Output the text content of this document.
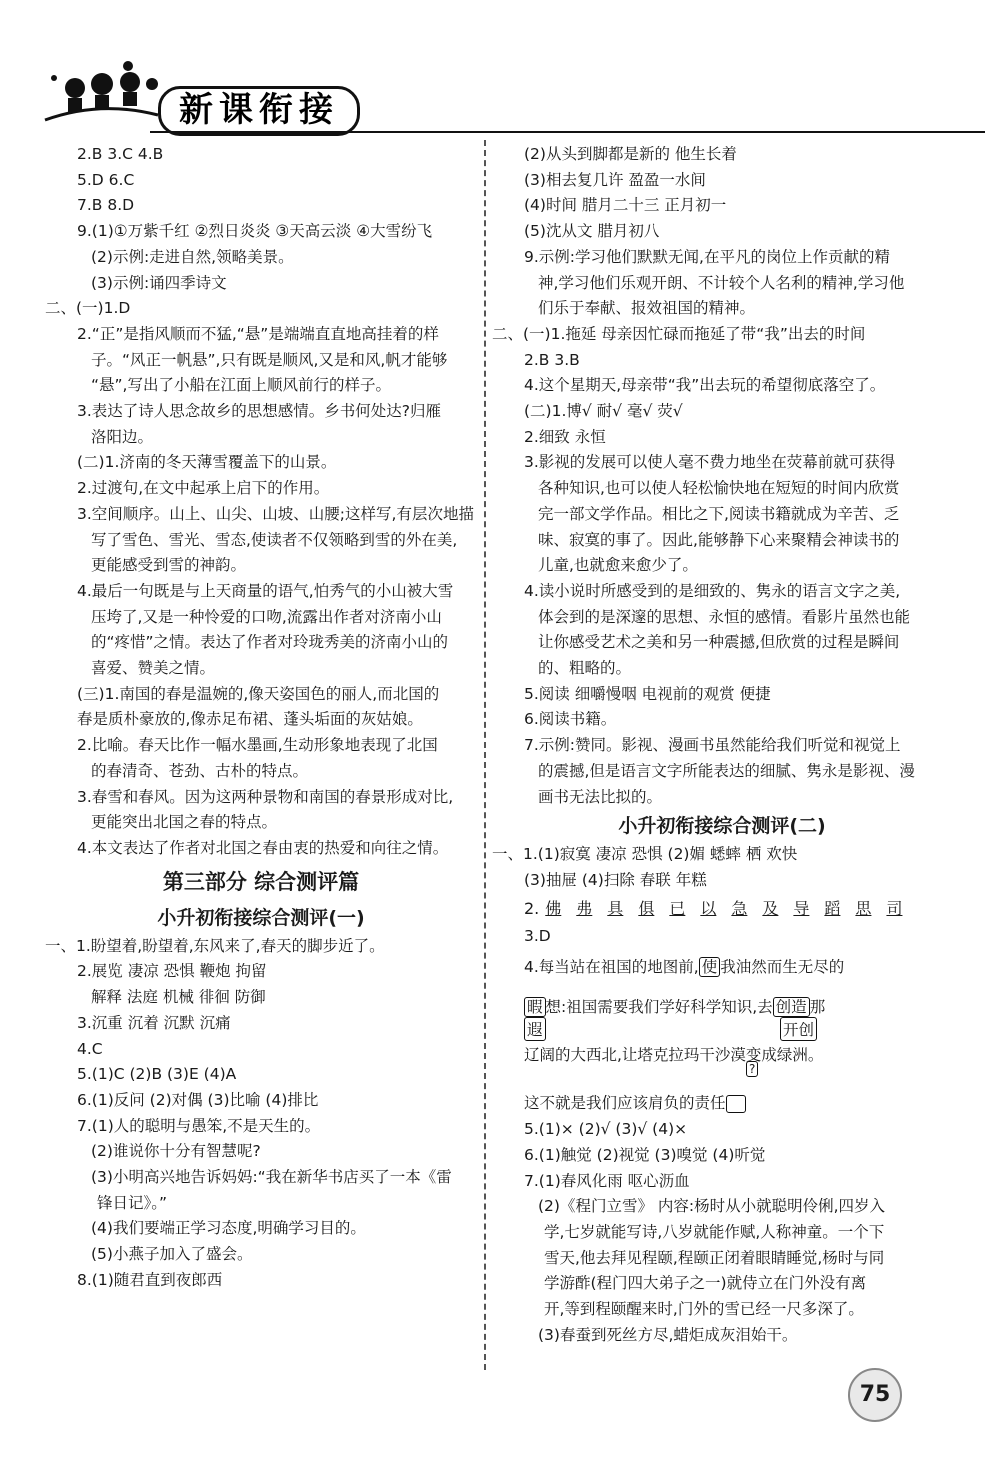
新课衔接
2.B 3.C 4.B
5.D 6.C
7.B 8.D
9.(1)①万紫千红 ②烈日炎炎 ③天高云淡 ④大雪纷飞
(2)示例:走进自然,领略美景。
(3)示例:诵四季诗文
二、(一)1.D
2.“正”是指风顺而不猛,“悬”是端端直直地高挂着的样
子。“风正一帆悬”,只有既是顺风,又是和风,帆才能够
“悬”,写出了小船在江面上顺风前行的样子。
3.表达了诗人思念故乡的思想感情。乡书何处达?归雁
洛阳边。
(二)1.济南的冬天薄雪覆盖下的山景。
2.过渡句,在文中起承上启下的作用。
3.空间顺序。山上、山尖、山坡、山腰;这样写,有层次地描
写了雪色、雪光、雪态,使读者不仅领略到雪的外在美,
更能感受到雪的神韵。
4.最后一句既是与上天商量的语气,怕秀气的小山被大雪
压垮了,又是一种怜爱的口吻,流露出作者对济南小山
的“疼惜”之情。表达了作者对玲珑秀美的济南小山的
喜爱、赞美之情。
(三)1.南国的春是温婉的,像天姿国色的丽人,而北国的
春是质朴豪放的,像赤足布裙、蓬头垢面的灰姑娘。
2.比喻。春天比作一幅水墨画,生动形象地表现了北国
的春清奇、苍劲、古朴的特点。
3.春雪和春风。因为这两种景物和南国的春景形成对比,
更能突出北国之春的特点。
4.本文表达了作者对北国之春由衷的热爱和向往之情。
第三部分 综合测评篇
小升初衔接综合测评(一)
一、1.盼望着,盼望着,东风来了,春天的脚步近了。
2.展览 凄凉 恐惧 鞭炮 拘留
解释 法庭 机械 徘徊 防御
3.沉重 沉着 沉默 沉痛
4.C
5.(1)C (2)B (3)E (4)A
6.(1)反问 (2)对偶 (3)比喻 (4)排比
7.(1)人的聪明与愚笨,不是天生的。
(2)谁说你十分有智慧呢?
(3)小明高兴地告诉妈妈:“我在新华书店买了一本《雷
锋日记》。”
(4)我们要端正学习态度,明确学习目的。
(5)小燕子加入了盛会。
8.(1)随君直到夜郎西
(2)从头到脚都是新的 他生长着
(3)相去复几许 盈盈一水间
(4)时间 腊月二十三 正月初一
(5)沈从文 腊月初八
9.示例:学习他们默默无闻,在平凡的岗位上作贡献的精
神,学习他们乐观开朗、不计较个人名利的精神,学习他
们乐于奉献、报效祖国的精神。
二、(一)1.拖延 母亲因忙碌而拖延了带“我”出去的时间
2.B 3.B
4.这个星期天,母亲带“我”出去玩的希望彻底落空了。
(二)1.博√ 耐√ 毫√ 荧√
2.细致 永恒
3.影视的发展可以使人毫不费力地坐在荧幕前就可获得
各种知识,也可以使人轻松愉快地在短短的时间内欣赏
完一部文学作品。相比之下,阅读书籍就成为辛苦、乏
味、寂寞的事了。因此,能够静下心来聚精会神读书的
儿童,也就愈来愈少了。
4.读小说时所感受到的是细致的、隽永的语言文字之美,
体会到的是深邃的思想、永恒的感情。看影片虽然也能
让你感受艺术之美和另一种震撼,但欣赏的过程是瞬间
的、粗略的。
5.阅读 细嚼慢咽 电视前的观赏 便捷
6.阅读书籍。
7.示例:赞同。影视、漫画书虽然能给我们听觉和视觉上
的震撼,但是语言文字所能表达的细腻、隽永是影视、漫
画书无法比拟的。
小升初衔接综合测评(二)
一、1.(1)寂寞 凄凉 恐惧 (2)媚 蟋蟀 栖 欢快
(3)抽屉 (4)扫除 春联 年糕
2. 佛 弗 具 俱 已 以 急 及 导 蹈 思 司
3.D
4.每当站在祖国的地图前, 使 我油然而生无尽的
暇 想:祖国需要我们学好科学知识,去 创造 那
遐	开创
辽阔的大西北,让塔克拉玛干沙漠变成绿洲。
?
这不就是我们应该肩负的责任
5.(1)× (2)√ (3)√ (4)×
6.(1)触觉 (2)视觉 (3)嗅觉 (4)听觉
7.(1)春风化雨 呕心沥血
(2)《程门立雪》 内容:杨时从小就聪明伶俐,四岁入
学,七岁就能写诗,八岁就能作赋,人称神童。一个下
雪天,他去拜见程颐,程颐正闭着眼睛睡觉,杨时与同
学游酢(程门四大弟子之一)就侍立在门外没有离
开,等到程颐醒来时,门外的雪已经一尺多深了。
(3)春蚕到死丝方尽,蜡炬成灰泪始干。
75
